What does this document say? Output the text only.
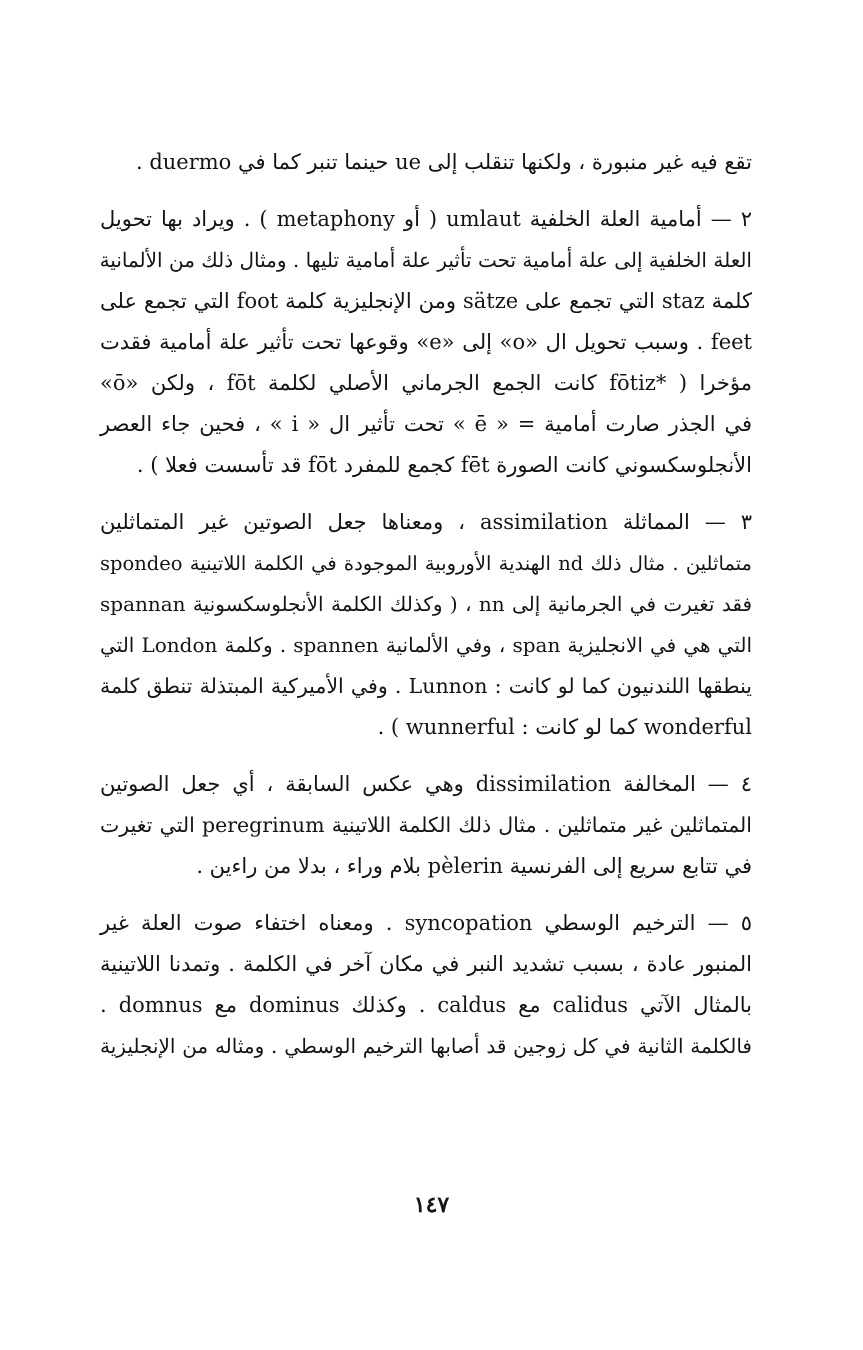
تقع فيه غير منبورة ، ولكنها تنقلب إلى ue حينما تنبر كما في duermo .
٢ — أمامية العلة الخلفية umlaut ( أو metaphony ) . ويراد بها تحويل
العلة الخلفية إلى علة أمامية تحت تأثير علة أمامية تليها . ومثال ذلك من الألمانية
كلمة staz التي تجمع على sätze ومن الإنجليزية كلمة foot التي تجمع على
feet . وسبب تحويل ال «o» إلى «e» وقوعها تحت تأثير علة أمامية فقدت
مؤخرا ( *fōtiz كانت الجمع الجرماني الأصلي لكلمة fōt ، ولكن «ō»
في الجذر صارت أمامية = « ē » تحت تأثير ال « i » ، فحين جاء العصر
الأنجلوسكسوني كانت الصورة fēt كجمع للمفرد fōt قد تأسست فعلا ) .
٣ — المماثلة assimilation ، ومعناها جعل الصوتين غير المتماثلين
متماثلين . مثال ذلك nd الهندية الأوروبية الموجودة في الكلمة اللاتينية spondeo
فقد تغيرت في الجرمانية إلى nn ، ( وكذلك الكلمة الأنجلوسكسونية spannan
التي هي في الانجليزية span ، وفي الألمانية spannen . وكلمة London التي
ينطقها اللندنيون كما لو كانت : Lunnon . وفي الأميركية المبتذلة تنطق كلمة
wonderful كما لو كانت : wunnerful ) .
٤ — المخالفة dissimilation وهي عكس السابقة ، أي جعل الصوتين
المتماثلين غير متماثلين . مثال ذلك الكلمة اللاتينية peregrinum التي تغيرت
في تتابع سريع إلى الفرنسية pèlerin بلام وراء ، بدلا من راءين .
٥ — الترخيم الوسطي syncopation . ومعناه اختفاء صوت العلة غير
المنبور عادة ، بسبب تشديد النبر في مكان آخر في الكلمة . وتمدنا اللاتينية
بالمثال الآتي calidus مع caldus . وكذلك dominus مع domnus .
فالكلمة الثانية في كل زوجين قد أصابها الترخيم الوسطي . ومثاله من الإنجليزية
١٤٧
